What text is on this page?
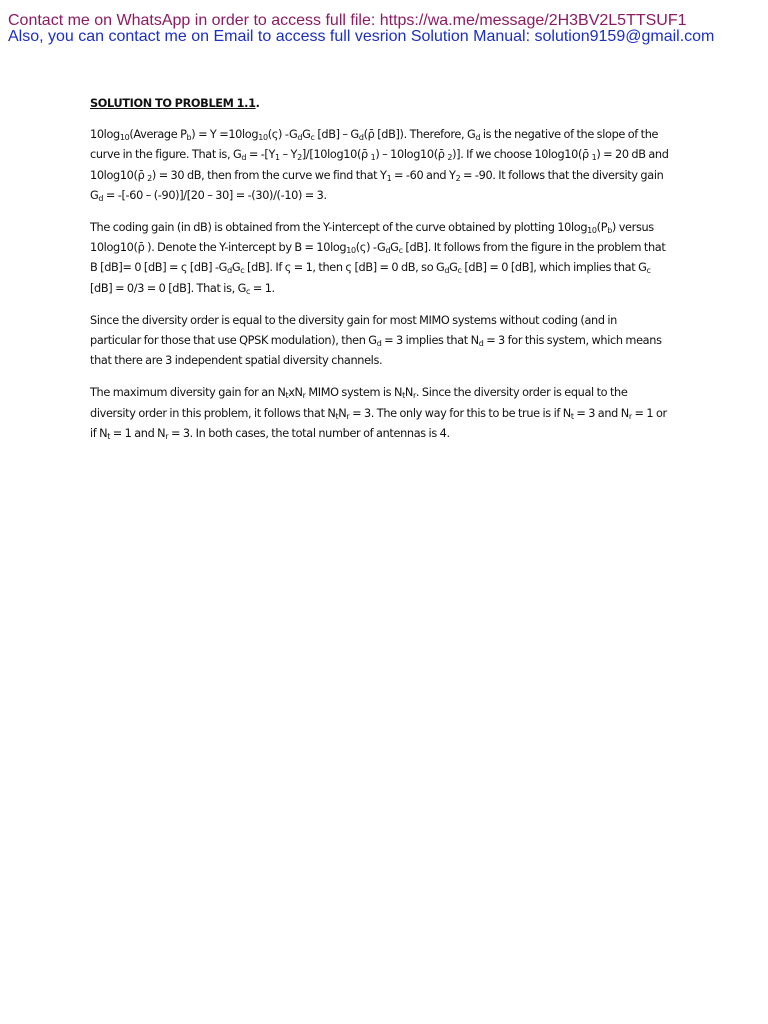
Contact me on WhatsApp in order to access full file: https://wa.me/message/2H3BV2L5TTSUF1
Also, you can contact me on Email to access full vesrion Solution Manual: solution9159@gmail.com
SOLUTION TO PROBLEM 1.1.

$10\log_{10}(Average$ $P_b) = Y =10\log_{10}(\varsigma)$ $-G_dG_c$ $[dB] - G_d(\rhō$ [dB]). Therefore, $G_d$ is the negative of the slope of the curve in the figure. That is, $G_d = -[Y_1$ – $Y_2]/[10\log 10(\rhō$ $_1$) – 10log10(ρ̄ $_2$)]. If we choose 10log10(ρ̄ $_1$) = 20 dB and 10log10(ρ̄ $_2$) = 30 dB, then from the curve we find that $Y_1 = -60$ and $Y_2 = -90$. It follows that the diversity gain $G_d = -[-60 - (-90)]/[20 - 30] = -(30)/(-10) = 3$.

The coding gain (in dB) is obtained from the Y-intercept of the curve obtained by plotting $10\log_{10}(P_b)$ versus 10log10(ρ̄ ). Denote the Y-intercept by $B = 10\log_{10}(\varsigma)$ $-G_dG_c$ [dB]. It follows from the figure in the problem that B [dB]= 0 [dB] = ς [dB] $-G_dG_c$ [dB]. If ς = 1, then ς [dB] = 0 dB, so $G_dG_c$ [dB] = 0 [dB], which implies that $G_c$ [dB] = 0/3 = 0 [dB]. That is, $G_c = 1$.

Since the diversity order is equal to the diversity gain for most MIMO systems without coding (and in particular for those that use QPSK modulation), then $G_d = 3$ implies that $N_d = 3$ for this system, which means that there are 3 independent spatial diversity channels.

The maximum diversity gain for an $N_txN_r$ MIMO system is $N_tN_r$. Since the diversity order is equal to the diversity order in this problem, it follows that $N_tN_r = 3$. The only way for this to be true is if $N_t = 3$ and $N_r = 1$ or if $N_t = 1$ and $N_r = 3$. In both cases, the total number of antennas is 4.
